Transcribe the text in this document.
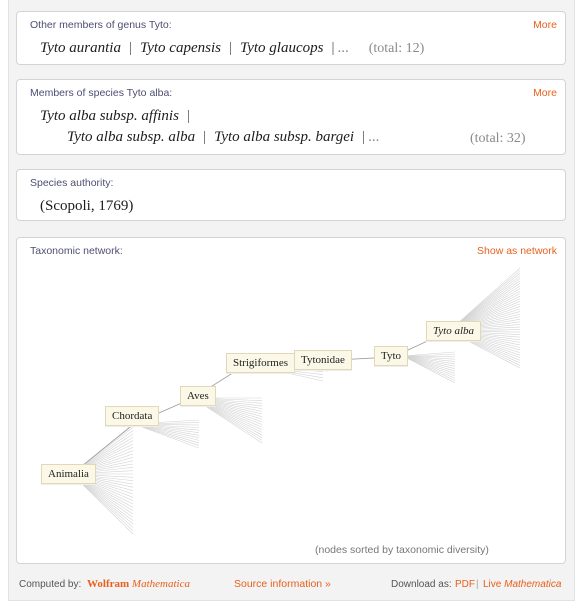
Other members of genus Tyto:	More
Tyto aurantia | Tyto capensis | Tyto glaucops | ... (total: 12)
Members of species Tyto alba:	More
Tyto alba subsp. affinis |
Tyto alba subsp. alba | Tyto alba subsp. bargei | ...	(total: 32)
Species authority:
(Scopoli, 1769)
Taxonomic network:	Show as network
Animalia
Chordata
Aves
Strigiformes	Tytonidae	Tyto
Tyto alba
(nodes sorted by taxonomic diversity)
Computed by: Wolfram Mathematica	Source information »	Download as: PDF | Live Mathematica
